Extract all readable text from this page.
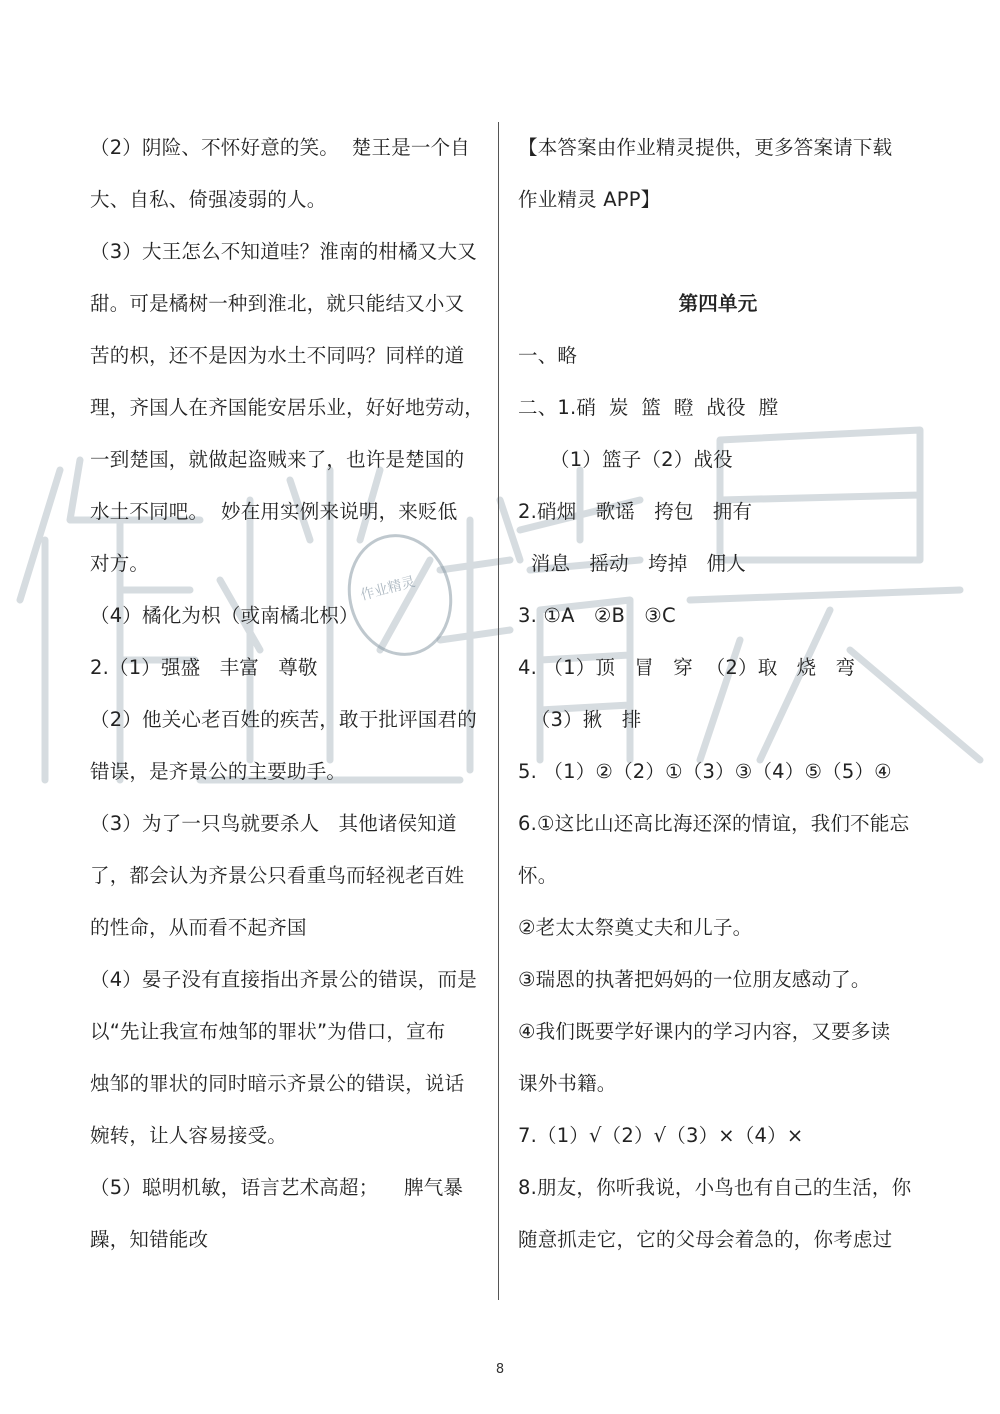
作业精灵
（2）阴险、不怀好意的笑。  楚王是一个自
大、自私、倚强凌弱的人。
（3）大王怎么不知道哇？淮南的柑橘又大又
甜。可是橘树一种到淮北，就只能结又小又
苦的枳，还不是因为水土不同吗？同样的道
理，齐国人在齐国能安居乐业，好好地劳动，
一到楚国，就做起盗贼来了，也许是楚国的
水土不同吧。  妙在用实例来说明，来贬低
对方。
（4）橘化为枳（或南橘北枳）
2.（1）强盛   丰富   尊敬
（2）他关心老百姓的疾苦，敢于批评国君的
错误，是齐景公的主要助手。
（3）为了一只鸟就要杀人   其他诸侯知道
了，都会认为齐景公只看重鸟而轻视老百姓
的性命，从而看不起齐国
（4）晏子没有直接指出齐景公的错误，而是
以“先让我宣布烛邹的罪状”为借口，宣布
烛邹的罪状的同时暗示齐景公的错误，说话
婉转，让人容易接受。
（5）聪明机敏，语言艺术高超；    脾气暴
躁，知错能改
【本答案由作业精灵提供，更多答案请下载
作业精灵 APP】
第四单元
一、略
二、1.硝  炭  篮  瞪  战役  膛
（1）篮子（2）战役
2.硝烟   歌谣   挎包   拥有
消息   摇动   垮掉   佣人
3. ①A   ②B   ③C
4. （1）顶   冒   穿  （2）取   烧   弯
（3）揪   排
5. （1）②（2）①（3）③（4）⑤（5）④
6.①这比山还高比海还深的情谊，我们不能忘
怀。
②老太太祭奠丈夫和儿子。
③瑞恩的执著把妈妈的一位朋友感动了。
④我们既要学好课内的学习内容，又要多读
课外书籍。
7.（1）√（2）√（3）×（4）×
8.朋友，你听我说，小鸟也有自己的生活，你
随意抓走它，它的父母会着急的，你考虑过
8
